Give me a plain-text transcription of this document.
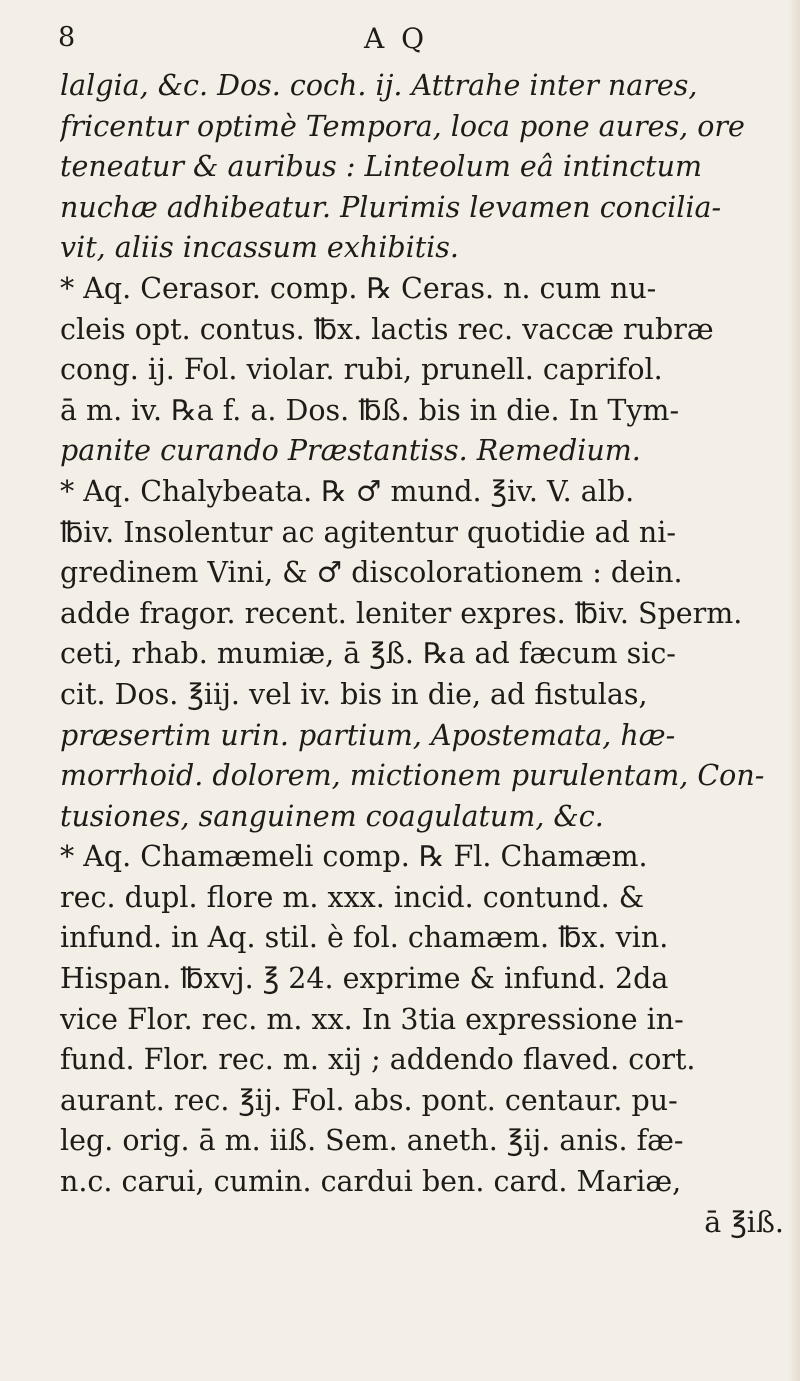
8	A Q
lalgia, &c. Dos. coch. ij. Attrahe inter nares,
fricentur optimè Tempora, loca pone aures, ore
teneatur & auribus : Linteolum eâ intinctum
nuchæ adhibeatur. Plurimis levamen concilia-
vit, aliis incassum exhibitis.
* Aq. Cerasor. comp. ℞ Ceras. n. cum nu-
cleis opt. contus. ℔x. lactis rec. vaccæ rubræ
cong. ij. Fol. violar. rubi, prunell. caprifol.
ā m. iv. ℞a f. a. Dos. ℔ß. bis in die. In Tym-
panite curando Præstantiss. Remedium.
* Aq. Chalybeata. ℞ ♂ mund. ℥iv. V. alb.
℔iv. Insolentur ac agitentur quotidie ad ni-
gredinem Vini, & ♂ discolorationem : dein.
adde fragor. recent. leniter expres. ℔iv. Sperm.
ceti, rhab. mumiæ, ā ℥ß. ℞a ad fæcum sic-
cit. Dos. ℥iij. vel iv. bis in die, ad fistulas,
præsertim urin. partium, Apostemata, hæ-
morrhoid. dolorem, mictionem purulentam, Con-
tusiones, sanguinem coagulatum, &c.
* Aq. Chamæmeli comp. ℞ Fl. Chamæm.
rec. dupl. flore m. xxx. incid. contund. &
infund. in Aq. stil. è fol. chamæm. ℔x. vin.
Hispan. ℔xvj. ℥ 24. exprime & infund. 2da
vice Flor. rec. m. xx. In 3tia expressione in-
fund. Flor. rec. m. xij ; addendo flaved. cort.
aurant. rec. ℥ij. Fol. abs. pont. centaur. pu-
leg. orig. ā m. iiß. Sem. aneth. ℥ij. anis. fæ-
n.c. carui, cumin. cardui ben. card. Mariæ,
ā ℥iß.
